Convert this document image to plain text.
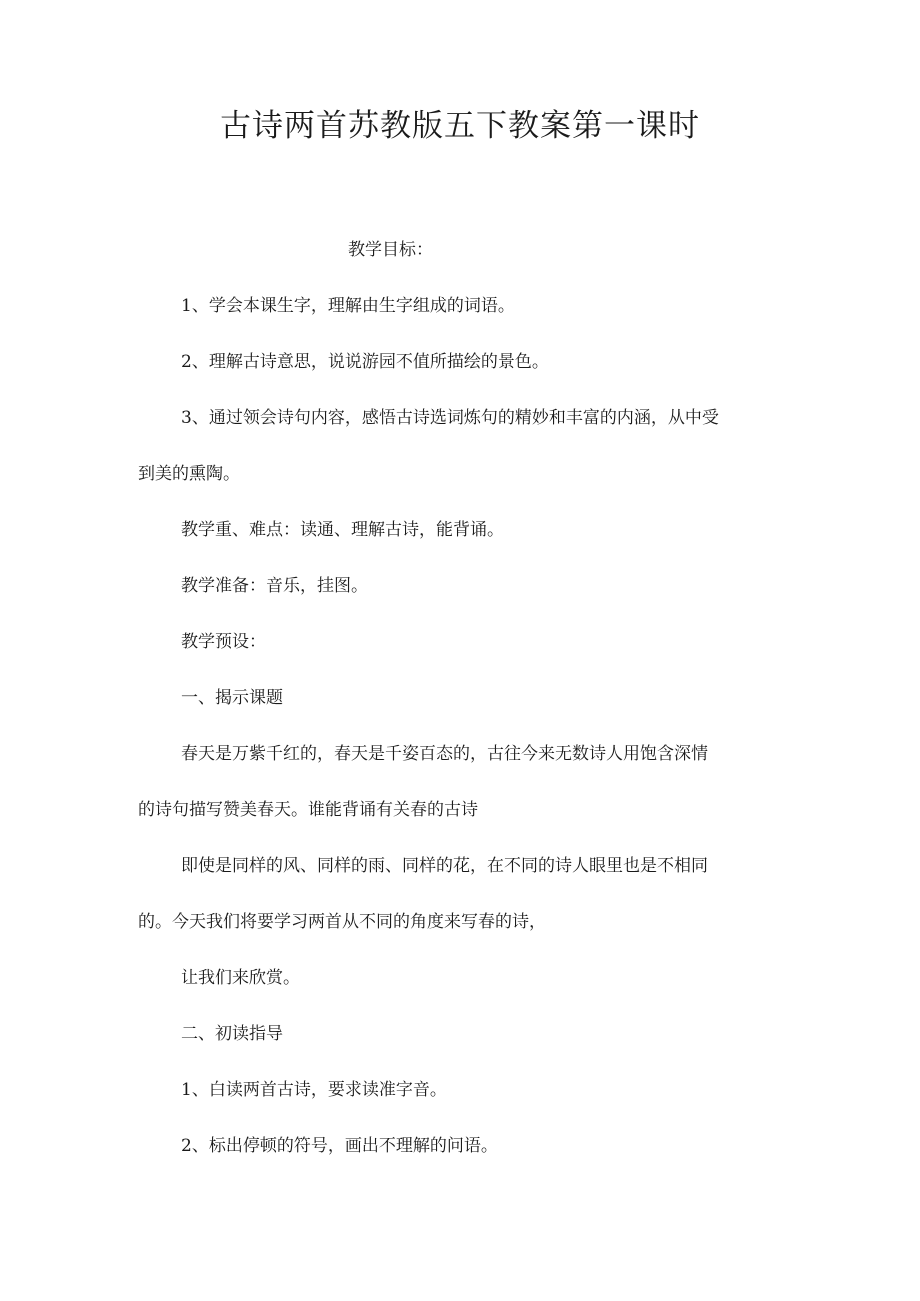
古诗两首苏教版五下教案第一课时

教学目标：

1、学会本课生字，理解由生字组成的词语。

2、理解古诗意思，说说游园不值所描绘的景色。

3、通过领会诗句内容，感悟古诗选词炼句的精妙和丰富的内涵，从中受

到美的熏陶。

教学重、难点：读通、理解古诗，能背诵。

教学准备：音乐，挂图。

教学预设：

一、揭示课题

春天是万紫千红的，春天是千姿百态的，古往今来无数诗人用饱含深情

的诗句描写赞美春天。谁能背诵有关春的古诗

即使是同样的风、同样的雨、同样的花，在不同的诗人眼里也是不相同

的。今天我们将要学习两首从不同的角度来写春的诗，

让我们来欣赏。

二、初读指导

1、白读两首古诗，要求读准字音。

2、标出停顿的符号，画出不理解的问语。
